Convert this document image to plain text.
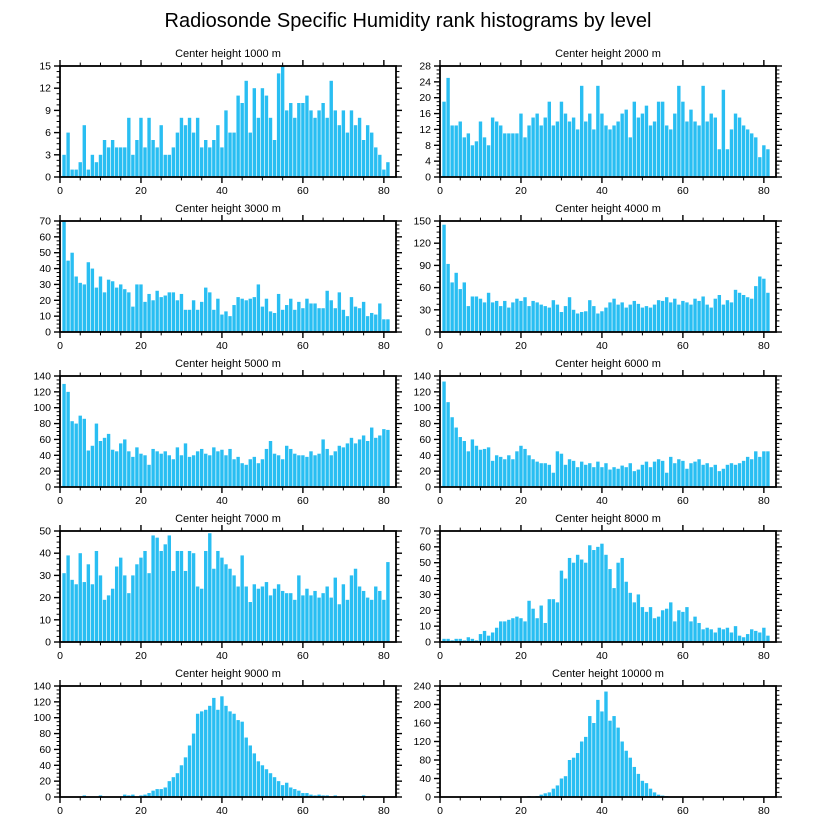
Radiosonde Specific Humidity rank histograms by level
Center height 1000 m
0
3
6
9
12
15
0	20	40	60	80
Center height 2000 m
0
4
8
12
16
20
24
28
0	20	40	60	80
Center height 3000 m
0
10
20
30
40
50
60
70
0	20	40	60	80
Center height 4000 m
0
30
60
90
120
150
0	20	40	60	80
Center height 5000 m
0
20
40
60
80
100
120
140
0	20	40	60	80
Center height 6000 m
0
20
40
60
80
100
120
140
0	20	40	60	80
Center height 7000 m
0
10
20
30
40
50
0	20	40	60	80
Center height 8000 m
0
10
20
30
40
50
60
70
0	20	40	60	80
Center height 9000 m
0
20
40
60
80
100
120
140
0	20	40	60	80
Center height 10000 m
0
40
80
120
160
200
240
0	20	40	60	80
